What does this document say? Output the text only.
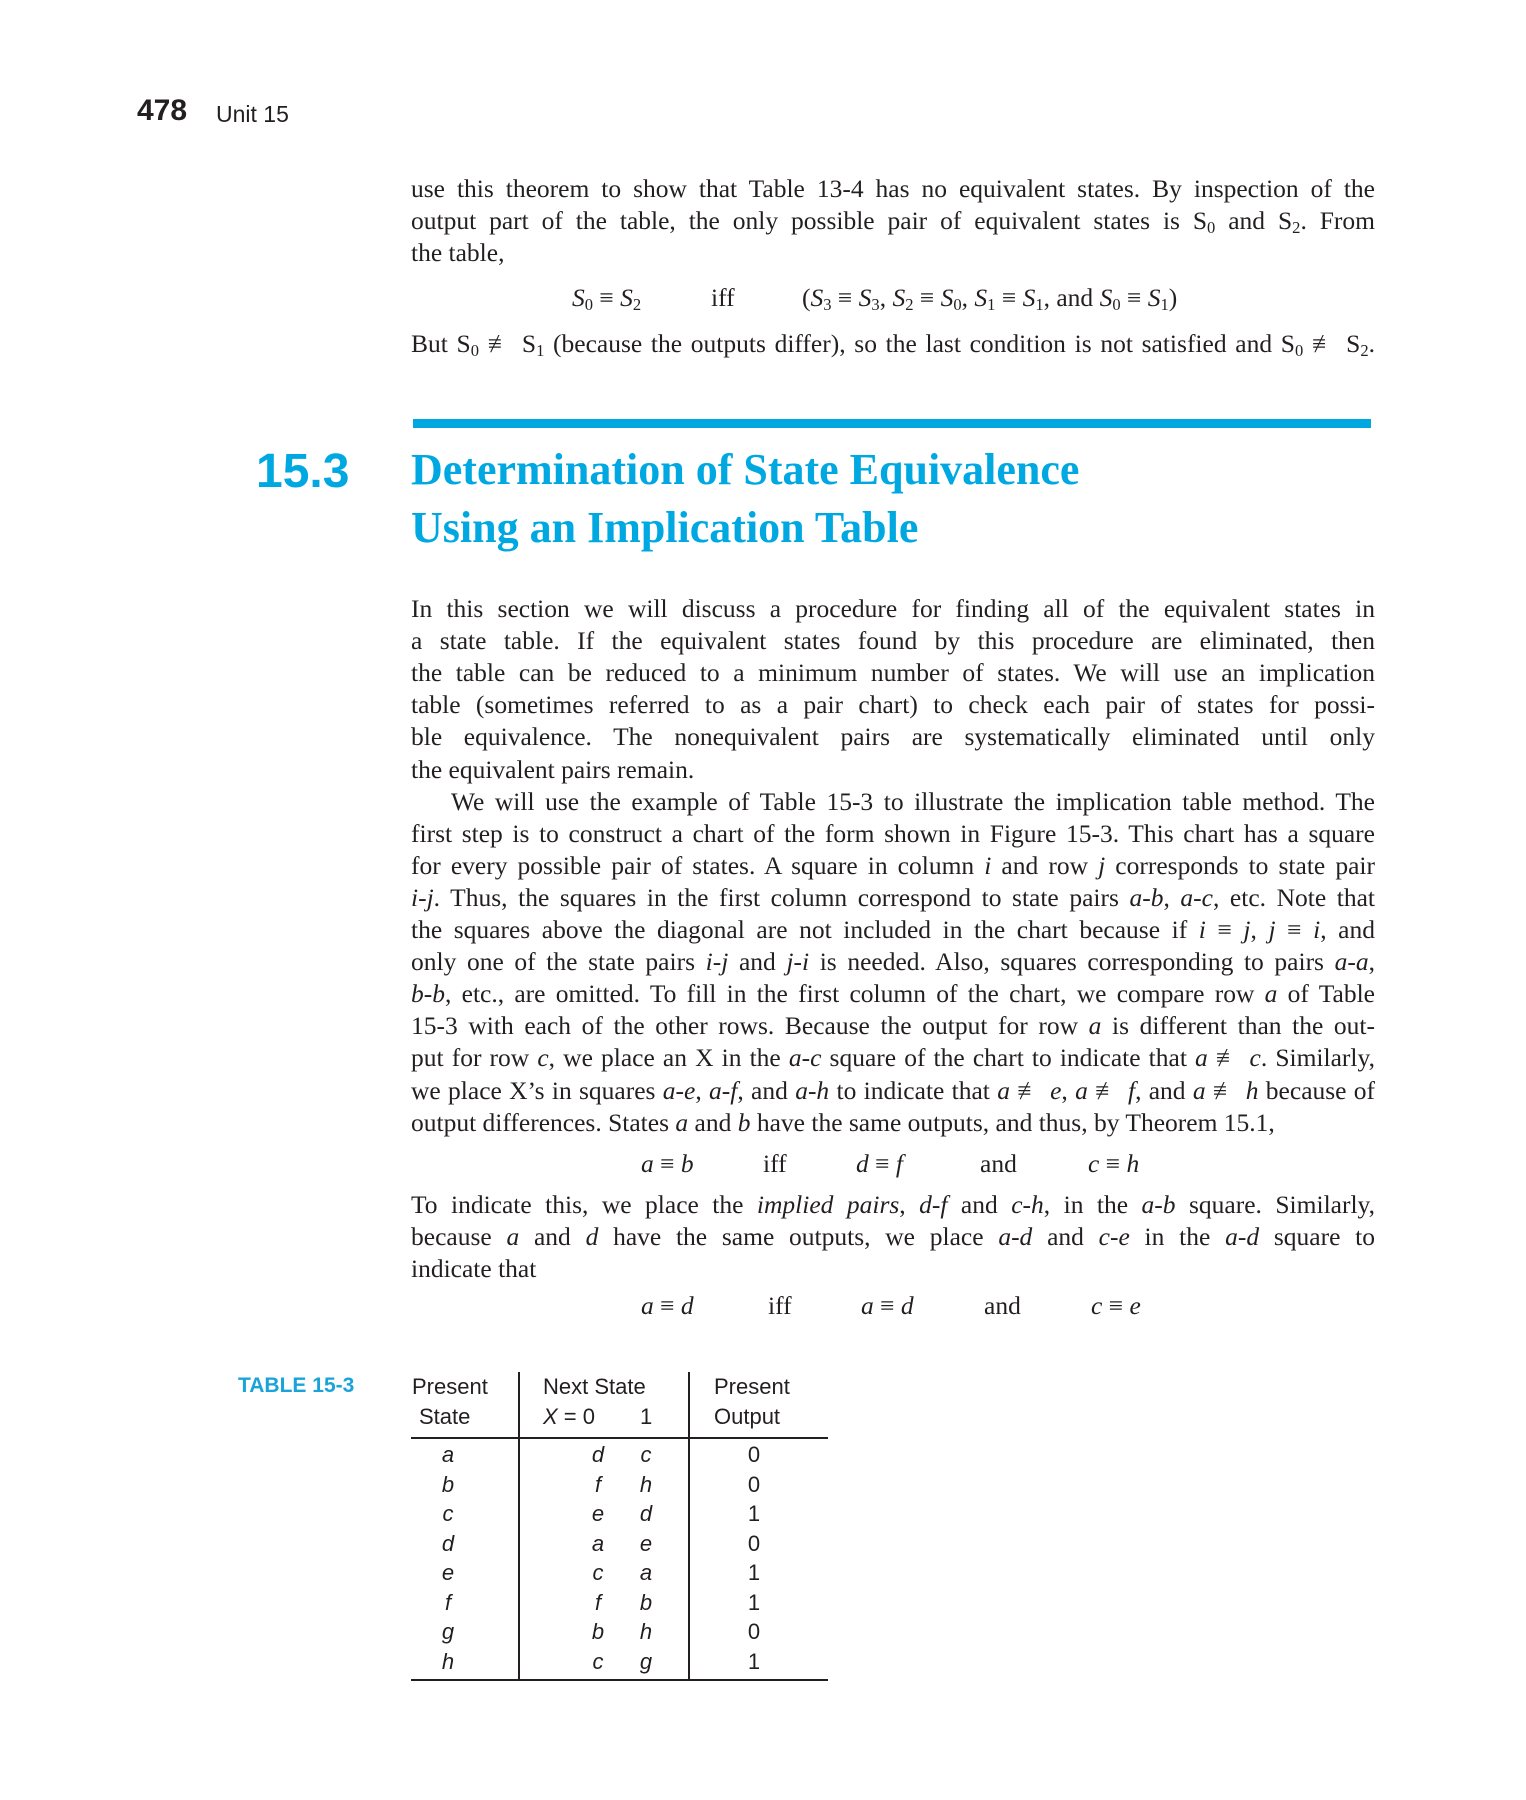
478 Unit 15
use this theorem to show that Table 13-4 has no equivalent states. By inspection of the
output part of the table, the only possible pair of equivalent states is $S_0$ and $S_2$. From
the table,
$S_0 \equiv S_2$	iff	($S_3 \equiv S_3$, $S_2 \equiv S_0$, $S_1 \equiv S_1$, and $S_0 \equiv S_1$)
But $S_0$ ≢ $S_1$ (because the outputs differ), so the last condition is not satisfied and $S_0$ ≢ $S_2$.
15.3 Determination of State Equivalence
Using an Implication Table
In this section we will discuss a procedure for finding all of the equivalent states in
a state table. If the equivalent states found by this procedure are eliminated, then
the table can be reduced to a minimum number of states. We will use an implication
table (sometimes referred to as a pair chart) to check each pair of states for possi-
ble equivalence. The nonequivalent pairs are systematically eliminated until only
the equivalent pairs remain.
We will use the example of Table 15-3 to illustrate the implication table method. The
first step is to construct a chart of the form shown in Figure 15-3. This chart has a square
for every possible pair of states. A square in column i and row j corresponds to state pair
i-j. Thus, the squares in the first column correspond to state pairs a-b, a-c, etc. Note that
the squares above the diagonal are not included in the chart because if i ≡ j, j ≡ i, and
only one of the state pairs i-j and j-i is needed. Also, squares corresponding to pairs a-a,
b-b, etc., are omitted. To fill in the first column of the chart, we compare row a of Table
15-3 with each of the other rows. Because the output for row a is different than the out-
put for row c, we place an X in the a-c square of the chart to indicate that a ≢ c. Similarly,
we place X’s in squares a-e, a-f, and a-h to indicate that a ≢ e, a ≢ f, and a ≢ h because of
output differences. States a and b have the same outputs, and thus, by Theorem 15.1,
a ≡ b	iff	d ≡ f	and	c ≡ h
To indicate this, we place the implied pairs, d-f and c-h, in the a-b square. Similarly,
because a and d have the same outputs, we place a-d and c-e in the a-d square to
indicate that
a ≡ d	iff	a ≡ d	and	c ≡ e
TABLE 15-3	Present
State
Next State
X = 0 1
Present
Output
a	d	c	0
b	f	h	0
c	e	d	1
d	a	e	0
e	c	a	1
f	f	b	1
g	b	h	0
h	c	g	1
